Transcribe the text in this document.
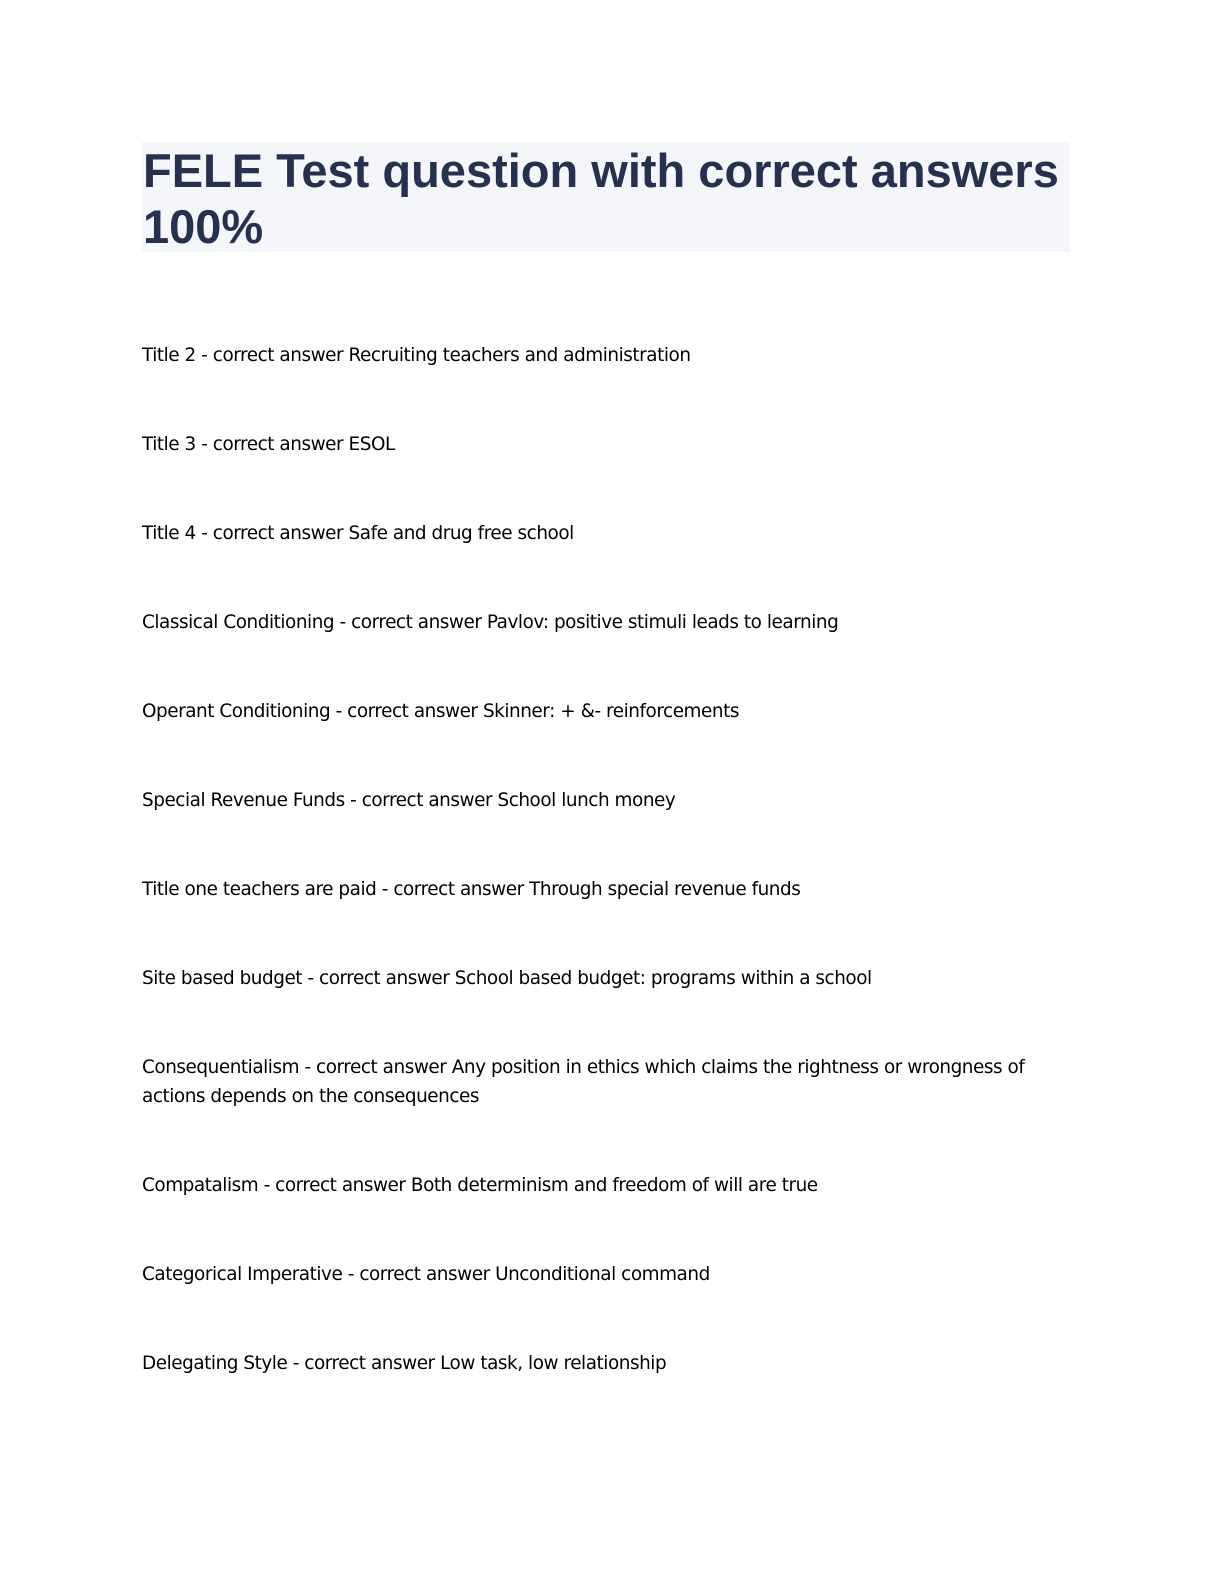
FELE Test question with correct answers 100%
Title 2 - correct answer Recruiting teachers and administration
Title 3 - correct answer ESOL
Title 4 - correct answer Safe and drug free school
Classical Conditioning - correct answer Pavlov: positive stimuli leads to learning
Operant Conditioning - correct answer Skinner: + &- reinforcements
Special Revenue Funds - correct answer School lunch money
Title one teachers are paid - correct answer Through special revenue funds
Site based budget - correct answer School based budget: programs within a school
Consequentialism - correct answer Any position in ethics which claims the rightness or wrongness of actions depends on the consequences
Compatalism - correct answer Both determinism and freedom of will are true
Categorical Imperative - correct answer Unconditional command
Delegating Style - correct answer Low task, low relationship
